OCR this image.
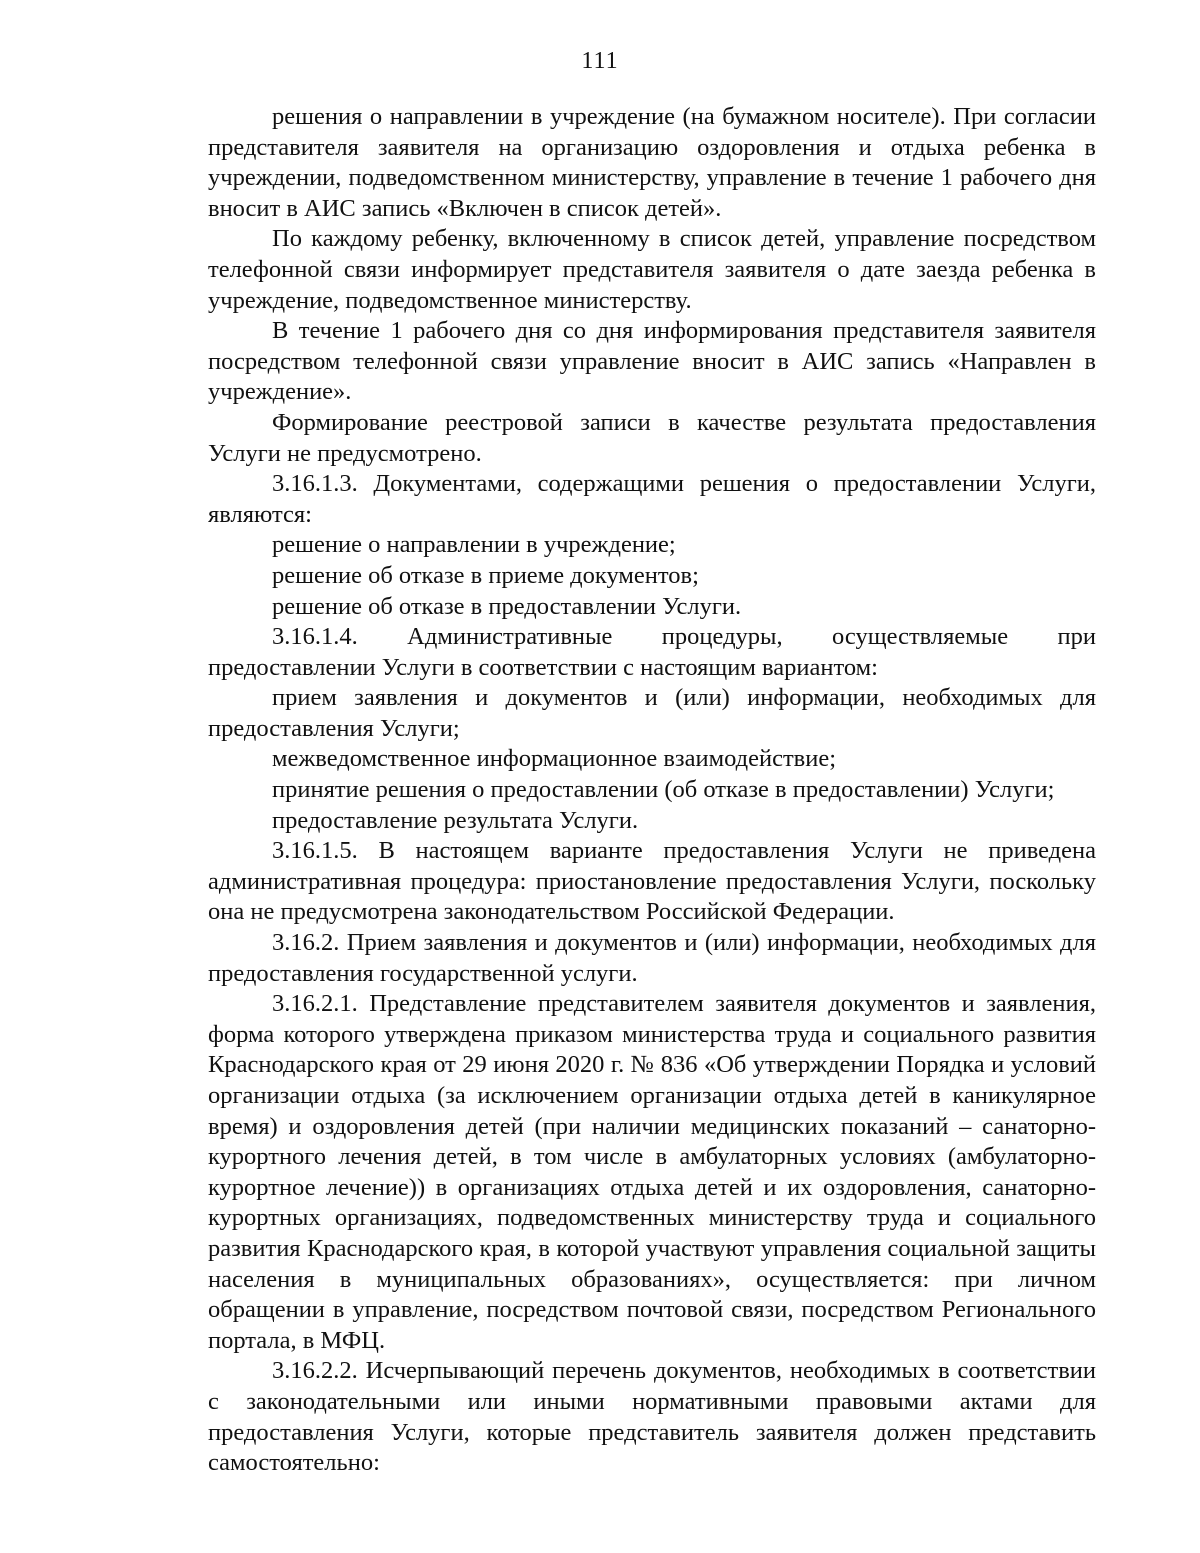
111

решения о направлении в учреждение (на бумажном носителе). При согласии представителя заявителя на организацию оздоровления и отдыха ребенка в учреждении, подведомственном министерству, управление в течение 1 рабочего дня вносит в АИС запись «Включен в список детей».

По каждому ребенку, включенному в список детей, управление посредством телефонной связи информирует представителя заявителя о дате заезда ребенка в учреждение, подведомственное министерству.

В течение 1 рабочего дня со дня информирования представителя заявителя посредством телефонной связи управление вносит в АИС запись «Направлен в учреждение».

Формирование реестровой записи в качестве результата предоставления Услуги не предусмотрено.

3.16.1.3. Документами, содержащими решения о предоставлении Услуги, являются:

решение о направлении в учреждение;

решение об отказе в приеме документов;

решение об отказе в предоставлении Услуги.

3.16.1.4. Административные процедуры, осуществляемые при предоставлении Услуги в соответствии с настоящим вариантом:

прием заявления и документов и (или) информации, необходимых для предоставления Услуги;

межведомственное информационное взаимодействие;

принятие решения о предоставлении (об отказе в предоставлении) Услуги;

предоставление результата Услуги.

3.16.1.5. В настоящем варианте предоставления Услуги не приведена административная процедура: приостановление предоставления Услуги, поскольку она не предусмотрена законодательством Российской Федерации.

3.16.2. Прием заявления и документов и (или) информации, необходимых для предоставления государственной услуги.

3.16.2.1. Представление представителем заявителя документов и заявления, форма которого утверждена приказом министерства труда и социального развития Краснодарского края от 29 июня 2020 г. № 836 «Об утверждении Порядка и условий организации отдыха (за исключением организации отдыха детей в каникулярное время) и оздоровления детей (при наличии медицинских показаний – санаторно-курортного лечения детей, в том числе в амбулаторных условиях (амбулаторно-курортное лечение)) в организациях отдыха детей и их оздоровления, санаторно-курортных организациях, подведомственных министерству труда и социального развития Краснодарского края, в которой участвуют управления социальной защиты населения в муниципальных образованиях», осуществляется: при личном обращении в управление, посредством почтовой связи, посредством Регионального портала, в МФЦ.

3.16.2.2. Исчерпывающий перечень документов, необходимых в соответствии с законодательными или иными нормативными правовыми актами для предоставления Услуги, которые представитель заявителя должен представить самостоятельно:
